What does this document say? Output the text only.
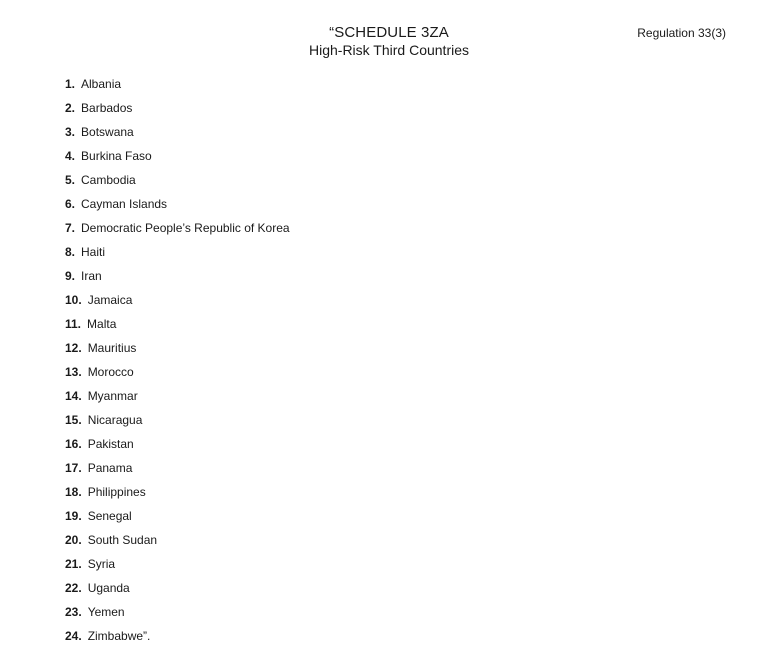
“SCHEDULE 3ZA
High-Risk Third Countries
Regulation 33(3)
1. Albania
2. Barbados
3. Botswana
4. Burkina Faso
5. Cambodia
6. Cayman Islands
7. Democratic People’s Republic of Korea
8. Haiti
9. Iran
10. Jamaica
11. Malta
12. Mauritius
13. Morocco
14. Myanmar
15. Nicaragua
16. Pakistan
17. Panama
18. Philippines
19. Senegal
20. South Sudan
21. Syria
22. Uganda
23. Yemen
24. Zimbabwe”.
